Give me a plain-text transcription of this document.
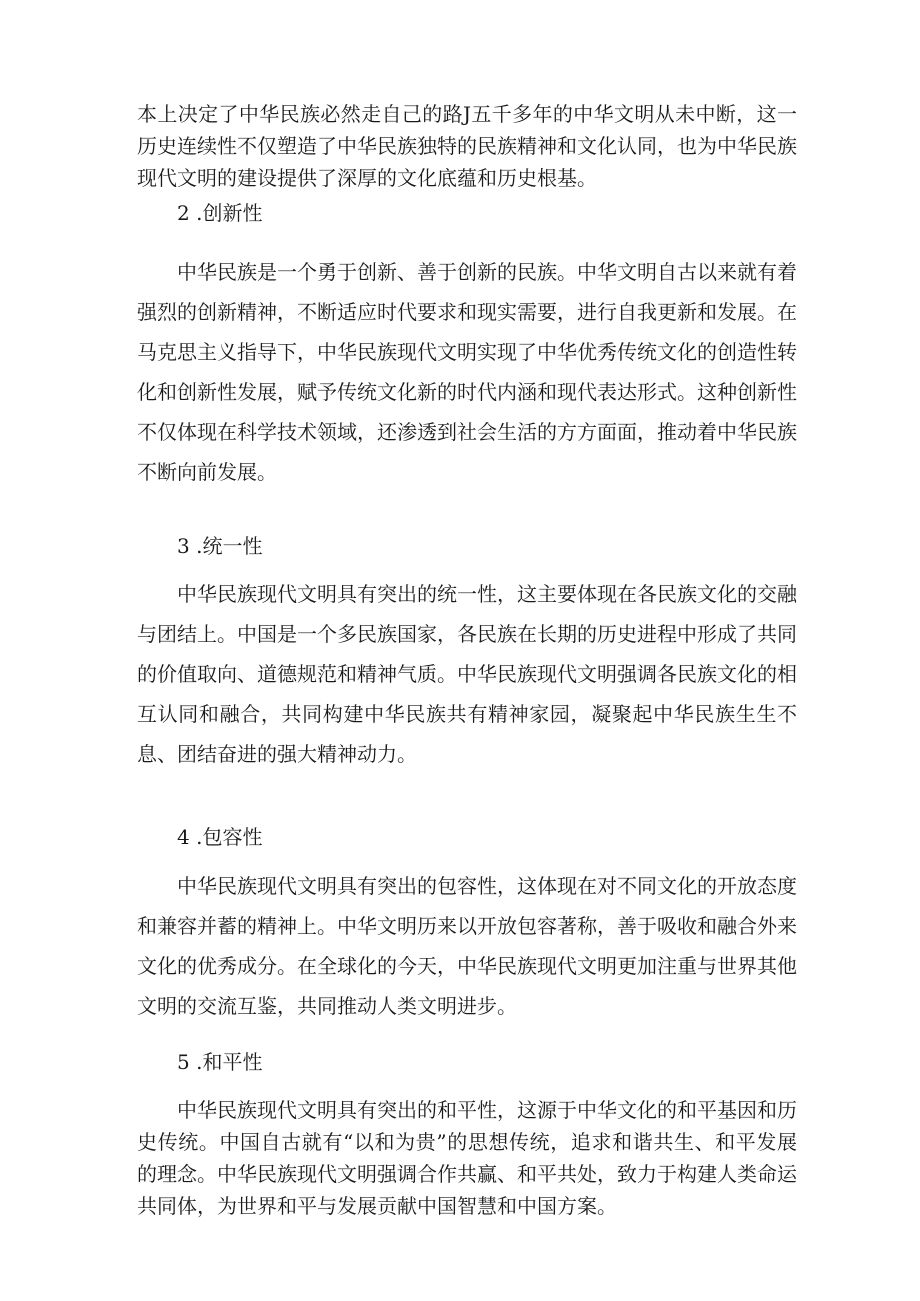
本上决定了中华民族必然走自己的路J五千多年的中华文明从未中断，这一历史连续性不仅塑造了中华民族独特的民族精神和文化认同，也为中华民族现代文明的建设提供了深厚的文化底蕴和历史根基。

2 .创新性

中华民族是一个勇于创新、善于创新的民族。中华文明自古以来就有着强烈的创新精神，不断适应时代要求和现实需要，进行自我更新和发展。在马克思主义指导下，中华民族现代文明实现了中华优秀传统文化的创造性转化和创新性发展，赋予传统文化新的时代内涵和现代表达形式。这种创新性不仅体现在科学技术领域，还渗透到社会生活的方方面面，推动着中华民族不断向前发展。

3 .统一性

中华民族现代文明具有突出的统一性，这主要体现在各民族文化的交融与团结上。中国是一个多民族国家，各民族在长期的历史进程中形成了共同的价值取向、道德规范和精神气质。中华民族现代文明强调各民族文化的相互认同和融合，共同构建中华民族共有精神家园，凝聚起中华民族生生不息、团结奋进的强大精神动力。

4 .包容性

中华民族现代文明具有突出的包容性，这体现在对不同文化的开放态度和兼容并蓄的精神上。中华文明历来以开放包容著称，善于吸收和融合外来文化的优秀成分。在全球化的今天，中华民族现代文明更加注重与世界其他文明的交流互鉴，共同推动人类文明进步。

5 .和平性

中华民族现代文明具有突出的和平性，这源于中华文化的和平基因和历史传统。中国自古就有“以和为贵”的思想传统，追求和谐共生、和平发展的理念。中华民族现代文明强调合作共赢、和平共处，致力于构建人类命运共同体，为世界和平与发展贡献中国智慧和中国方案。
